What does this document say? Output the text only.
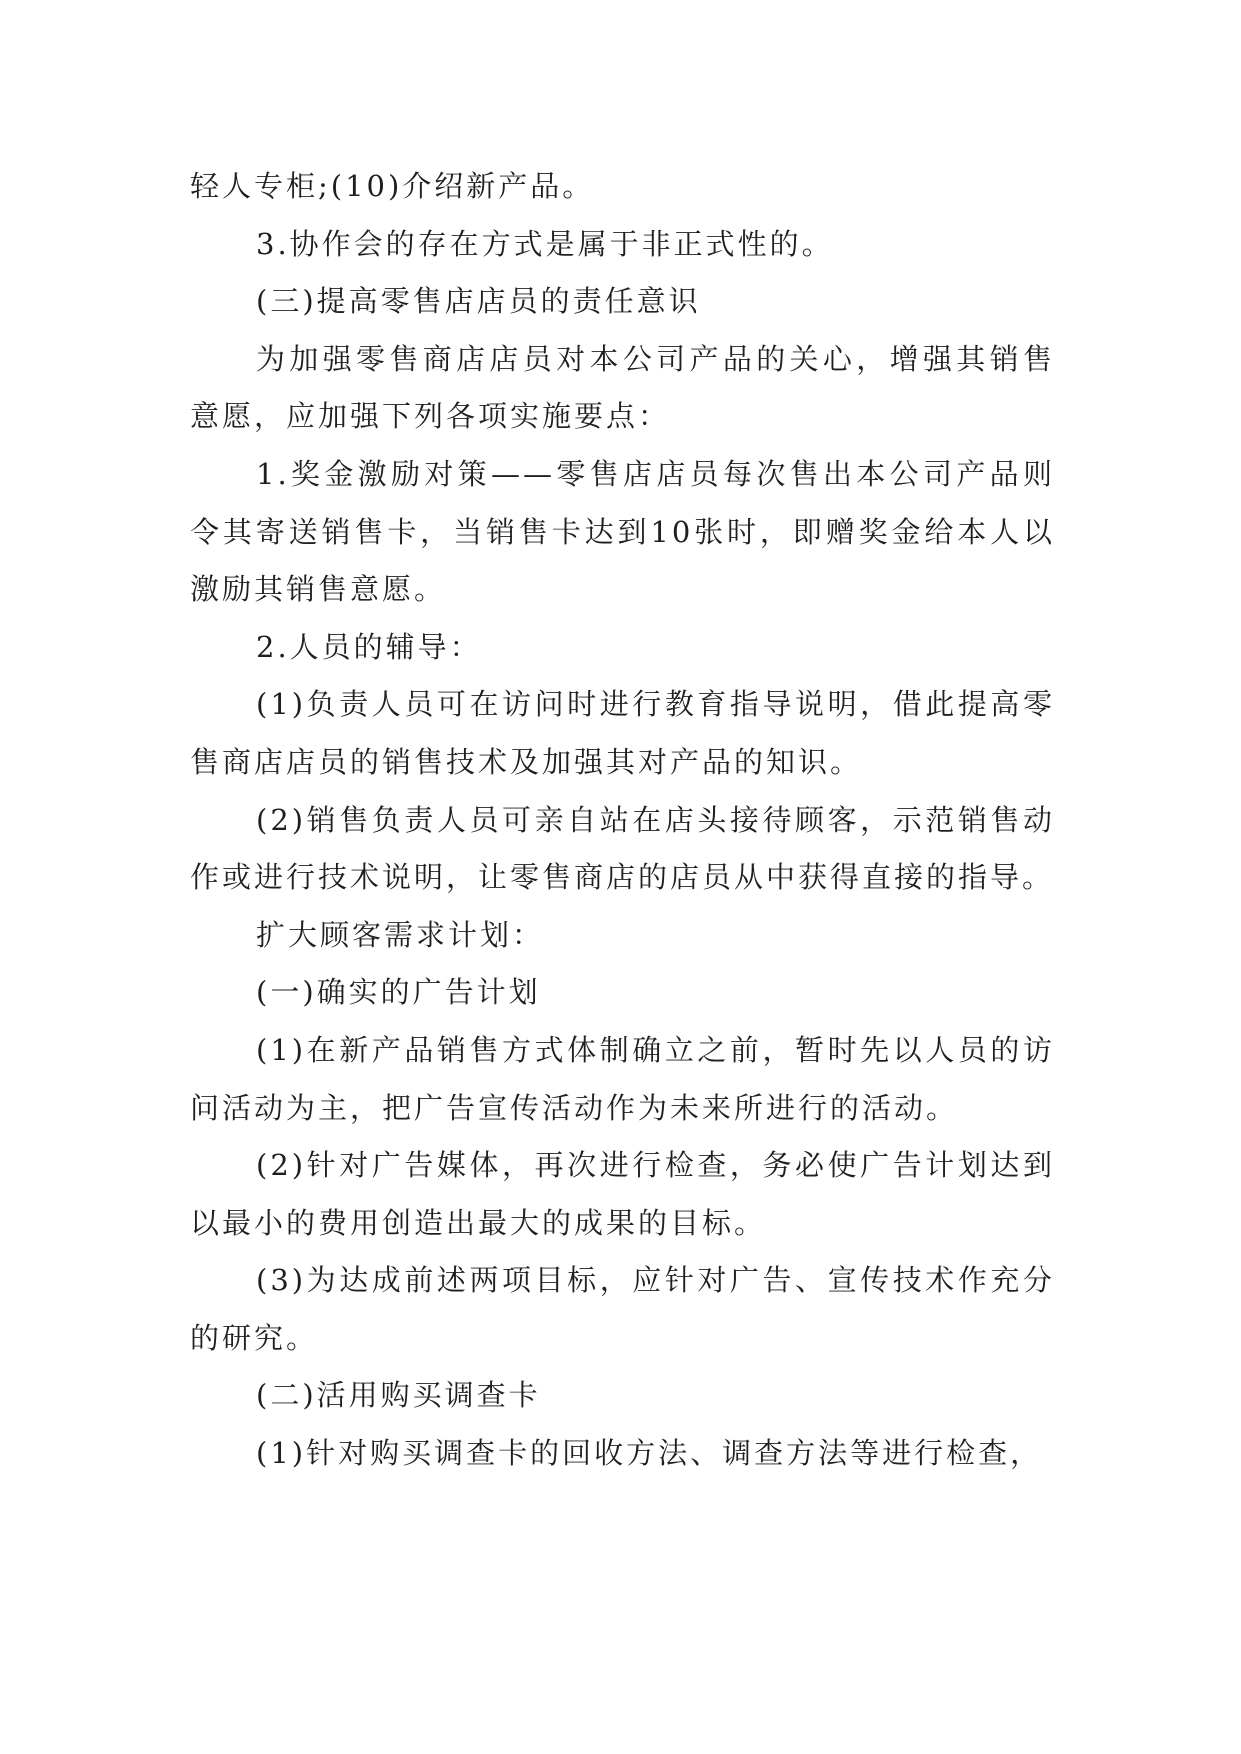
轻人专柜;(10)介绍新产品。

3.协作会的存在方式是属于非正式性的。

(三)提高零售店店员的责任意识

为加强零售商店店员对本公司产品的关心，增强其销售意愿，应加强下列各项实施要点：

1.奖金激励对策——零售店店员每次售出本公司产品则令其寄送销售卡，当销售卡达到10张时，即赠奖金给本人以激励其销售意愿。

2.人员的辅导：

(1)负责人员可在访问时进行教育指导说明，借此提高零售商店店员的销售技术及加强其对产品的知识。

(2)销售负责人员可亲自站在店头接待顾客，示范销售动作或进行技术说明，让零售商店的店员从中获得直接的指导。

扩大顾客需求计划：

(一)确实的广告计划

(1)在新产品销售方式体制确立之前，暂时先以人员的访问活动为主，把广告宣传活动作为未来所进行的活动。

(2)针对广告媒体，再次进行检查，务必使广告计划达到以最小的费用创造出最大的成果的目标。

(3)为达成前述两项目标，应针对广告、宣传技术作充分的研究。

(二)活用购买调查卡

(1)针对购买调查卡的回收方法、调查方法等进行检查，
